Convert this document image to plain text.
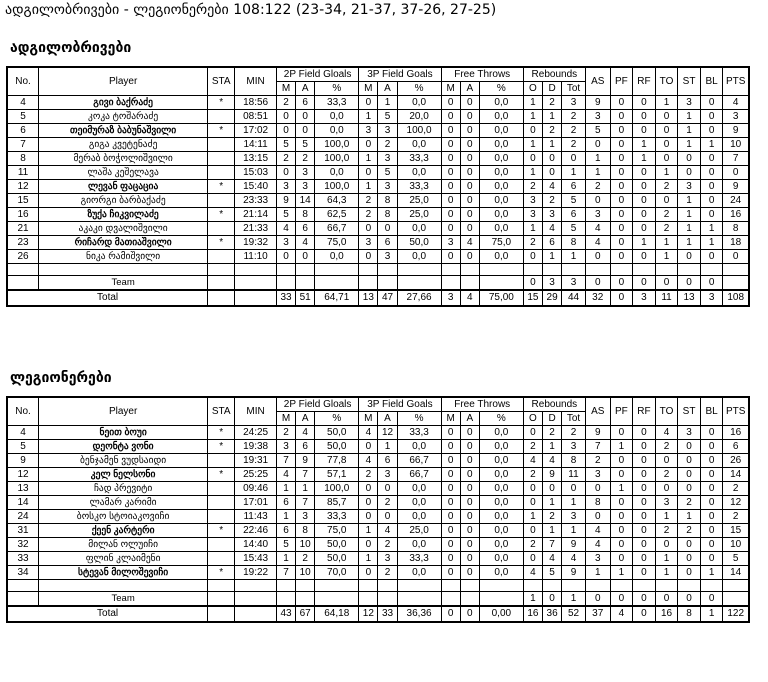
ადგილობრივები - ლეგიონერები 108:122 (23-34, 21-37, 37-26, 27-25)
ადგილობრივები
No.	Player	STA	MIN	2P Field Gloals			3P Field Goals			Free Throws			Rebounds			AS	PF	RF	TO	ST	BL	PTS
				M	A	%	M	A	%	M	A	%	O	D	Tot							
4	გივი ბაქრაძე	*	18:56	2	6	33,3	0	1	0,0	0	0	0,0	1	2	3	9	0	0	1	3	0	4
5	კოკა ტოშარაძე		08:51	0	0	0,0	1	5	20,0	0	0	0,0	1	1	2	3	0	0	0	1	0	3
6	თეიმურაზ ბაბუნაშვილი	*	17:02	0	0	0,0	3	3	100,0	0	0	0,0	0	2	2	5	0	0	0	1	0	9
7	გიგა კვეტენაძე		14:11	5	5	100,0	0	2	0,0	0	0	0,0	1	1	2	0	0	1	0	1	1	10
8	მერაბ ბოჭოლიშვილი		13:15	2	2	100,0	1	3	33,3	0	0	0,0	0	0	0	1	0	1	0	0	0	7
11	ლაშა კეშელავა		15:03	0	3	0,0	0	5	0,0	0	0	0,0	1	0	1	1	0	0	1	0	0	0
12	ლევან ფაცაცია	*	15:40	3	3	100,0	1	3	33,3	0	0	0,0	2	4	6	2	0	0	2	3	0	9
15	გიორგი ბარბაქაძე		23:33	9	14	64,3	2	8	25,0	0	0	0,0	3	2	5	0	0	0	0	1	0	24
16	ზუქა ჩიკვილაძე	*	21:14	5	8	62,5	2	8	25,0	0	0	0,0	3	3	6	3	0	0	2	1	0	16
21	აკაკი დვალიშვილი		21:33	4	6	66,7	0	0	0,0	0	0	0,0	1	4	5	4	0	0	2	1	1	8
23	რიჩარდ მათიაშვილი	*	19:32	3	4	75,0	3	6	50,0	3	4	75,0	2	6	8	4	0	1	1	1	1	18
26	ნიკა რამიშვილი		11:10	0	0	0,0	0	3	0,0	0	0	0,0	0	1	1	0	0	0	1	0	0	0

	Team												0	3	3	0	0	0	0	0	0	
Total				33	51	64,71	13	47	27,66	3	4	75,00	15	29	44	32	0	3	11	13	3	108
ლეგიონერები
No.	Player	STA	MIN	2P Field Gloals			3P Field Goals			Free Throws			Rebounds			AS	PF	RF	TO	ST	BL	PTS
				M	A	%	M	A	%	M	A	%	O	D	Tot							
4	ნეით ბოუი	*	24:25	2	4	50,0	4	12	33,3	0	0	0,0	0	2	2	9	0	0	4	3	0	16
5	დეონტა ვონი	*	19:38	3	6	50,0	0	1	0,0	0	0	0,0	2	1	3	7	1	0	2	0	0	6
9	ბენჯამენ ვუდსაიდი		19:31	7	9	77,8	4	6	66,7	0	0	0,0	4	4	8	2	0	0	0	0	0	26
12	კელ ნელსონი	*	25:25	4	7	57,1	2	3	66,7	0	0	0,0	2	9	11	3	0	0	2	0	0	14
13	ჩად პრევიტი		09:46	1	1	100,0	0	0	0,0	0	0	0,0	0	0	0	0	1	0	0	0	0	2
14	ლამარ კარიმი		17:01	6	7	85,7	0	2	0,0	0	0	0,0	0	1	1	8	0	0	3	2	0	12
24	ბოსკო სტოიაკოვიჩი		11:43	1	3	33,3	0	0	0,0	0	0	0,0	1	2	3	0	0	0	1	1	0	2
31	ქეენ კარტერი	*	22:46	6	8	75,0	1	4	25,0	0	0	0,0	0	1	1	4	0	0	2	2	0	15
32	მილან ოლუიჩი		14:40	5	10	50,0	0	2	0,0	0	0	0,0	2	7	9	4	0	0	0	0	0	10
33	ფლინ კლაიმენი		15:43	1	2	50,0	1	3	33,3	0	0	0,0	0	4	4	3	0	0	1	0	0	5
34	სტევან მილოშევიჩი	*	19:22	7	10	70,0	0	2	0,0	0	0	0,0	4	5	9	1	1	0	1	0	1	14

	Team												1	0	1	0	0	0	0	0	0	
Total				43	67	64,18	12	33	36,36	0	0	0,00	16	36	52	37	4	0	16	8	1	122
